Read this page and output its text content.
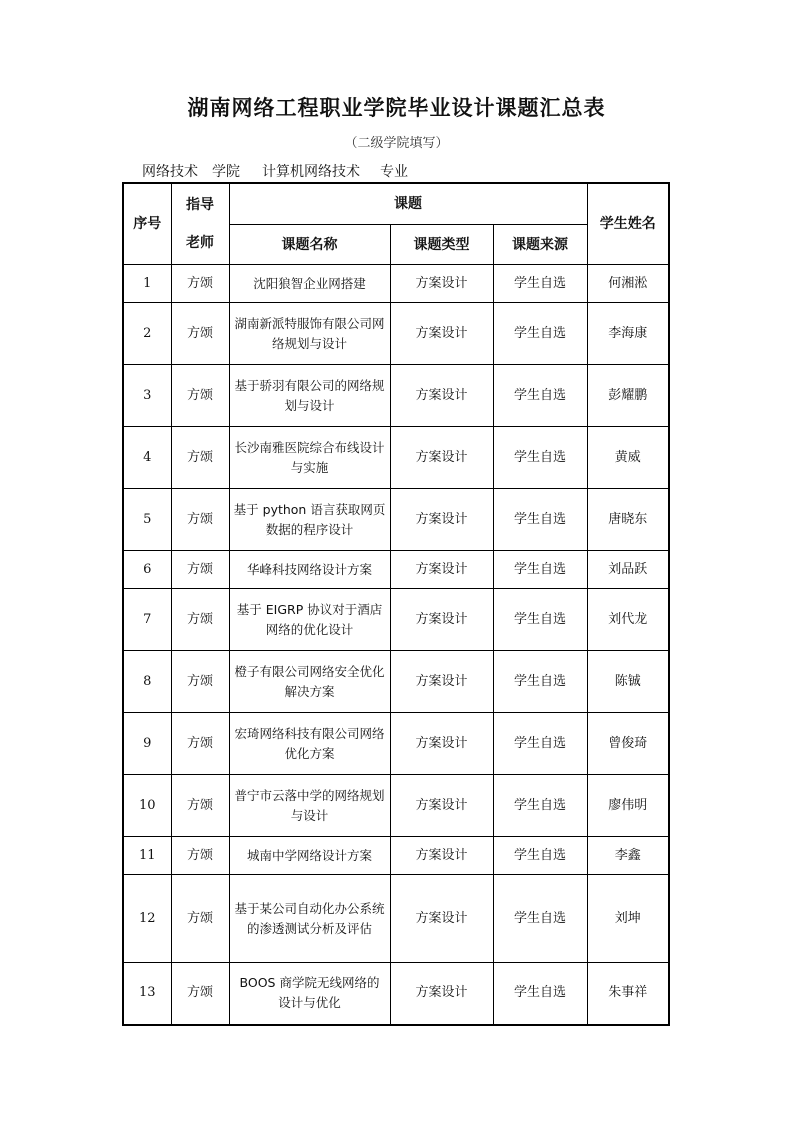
湖南网络工程职业学院毕业设计课题汇总表
（二级学院填写）
网络技术 学院 计算机网络技术 专业
序号	指导老师	课题			学生姓名
		课题名称	课题类型	课题来源	
1	方颂	沈阳狼智企业网搭建	方案设计	学生自选	何湘淞
2	方颂	湖南新派特服饰有限公司网络规划与设计	方案设计	学生自选	李海康
3	方颂	基于骄羽有限公司的网络规划与设计	方案设计	学生自选	彭耀鹏
4	方颂	长沙南雅医院综合布线设计与实施	方案设计	学生自选	黄威
5	方颂	基于 python 语言获取网页数据的程序设计	方案设计	学生自选	唐晓东
6	方颂	华峰科技网络设计方案	方案设计	学生自选	刘品跃
7	方颂	基于 EIGRP 协议对于酒店网络的优化设计	方案设计	学生自选	刘代龙
8	方颂	橙子有限公司网络安全优化解决方案	方案设计	学生自选	陈铖
9	方颂	宏琦网络科技有限公司网络优化方案	方案设计	学生自选	曾俊琦
10	方颂	普宁市云落中学的网络规划与设计	方案设计	学生自选	廖伟明
11	方颂	城南中学网络设计方案	方案设计	学生自选	李鑫
12	方颂	基于某公司自动化办公系统的渗透测试分析及评估	方案设计	学生自选	刘坤
13	方颂	BOOS 商学院无线网络的设计与优化	方案设计	学生自选	朱事祥
